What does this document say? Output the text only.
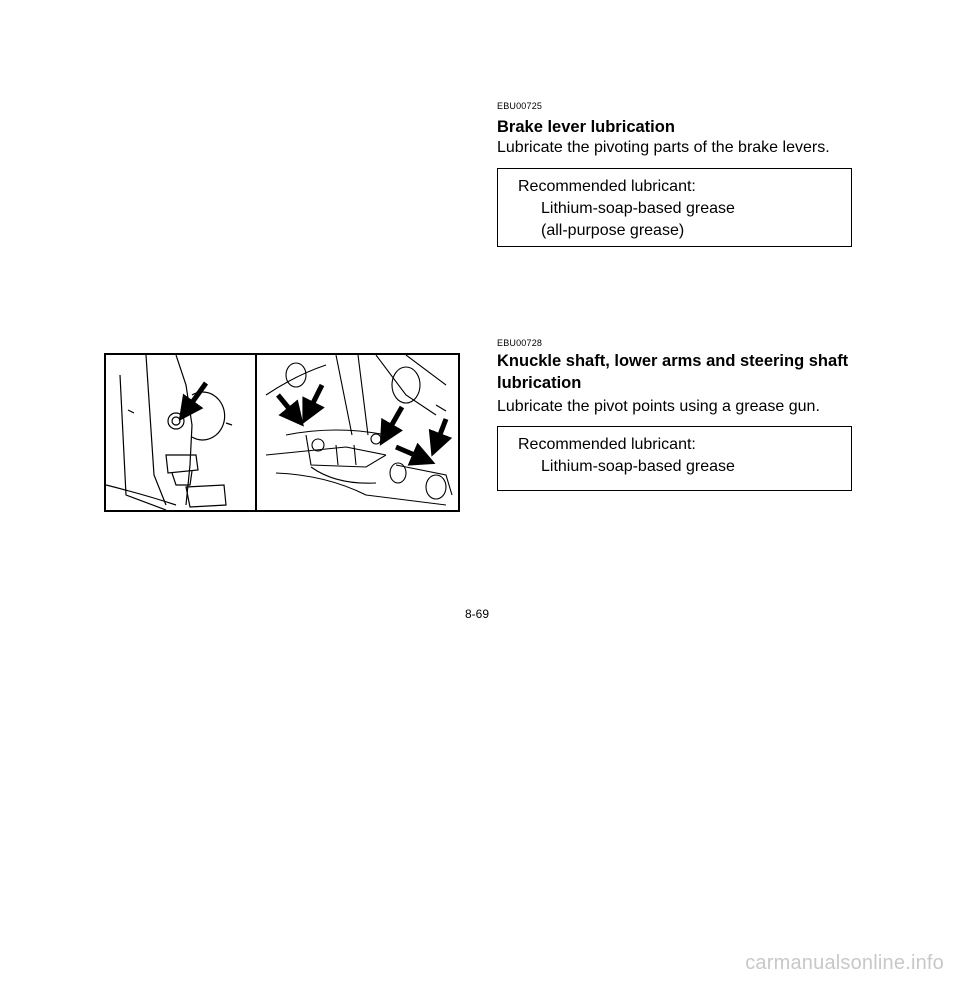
EBU00725
Brake lever lubrication
Lubricate the pivoting parts of the brake levers.
Recommended lubricant:
Lithium-soap-based grease
(all-purpose grease)
EBU00728
Knuckle shaft, lower arms and steering shaft lubrication
Lubricate the pivot points using a grease gun.
Recommended lubricant:
Lithium-soap-based grease
8-69
carmanualsonline.info
